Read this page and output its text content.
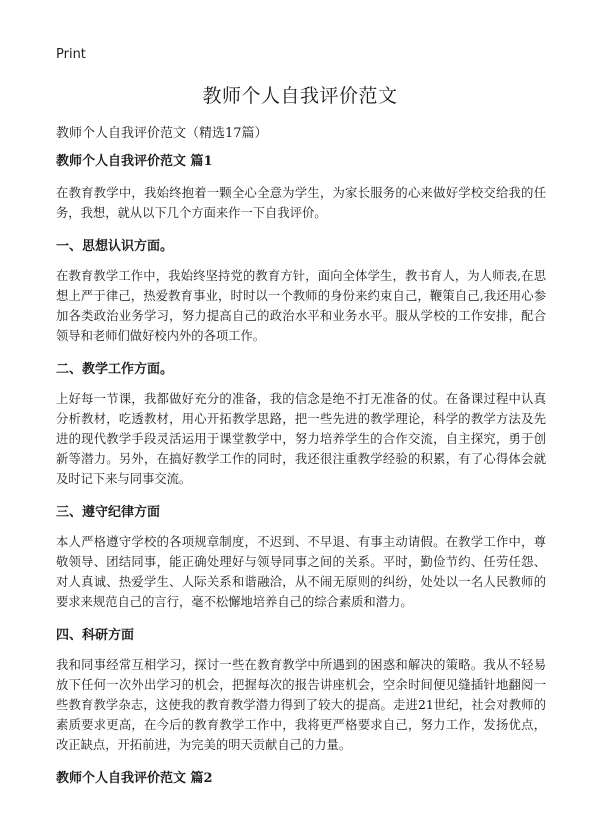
Print
教师个人自我评价范文
教师个人自我评价范文（精选17篇）
教师个人自我评价范文 篇1

在教育教学中，我始终抱着一颗全心全意为学生，为家长服务的心来做好学校交给我的任务，我想，就从以下几个方面来作一下自我评价。

一、思想认识方面。

在教育教学工作中，我始终坚持党的教育方针，面向全体学生，教书育人，为人师表,在思想上严于律己，热爱教育事业，时时以一个教师的身份来约束自己，鞭策自己,我还用心参加各类政治业务学习，努力提高自己的政治水平和业务水平。服从学校的工作安排，配合领导和老师们做好校内外的各项工作。

二、教学工作方面。

上好每一节课，我都做好充分的准备，我的信念是绝不打无准备的仗。在备课过程中认真分析教材，吃透教材，用心开拓教学思路，把一些先进的教学理论，科学的教学方法及先进的现代教学手段灵活运用于课堂教学中，努力培养学生的合作交流，自主探究，勇于创新等潜力。另外，在搞好教学工作的同时，我还很注重教学经验的积累，有了心得体会就及时记下来与同事交流。

三、遵守纪律方面

本人严格遵守学校的各项规章制度，不迟到、不早退、有事主动请假。在教学工作中，尊敬领导、团结同事，能正确处理好与领导同事之间的关系。平时，勤俭节约、任劳任怨、对人真诚、热爱学生、人际关系和谐融洽，从不闹无原则的纠纷，处处以一名人民教师的要求来规范自己的言行，毫不松懈地培养自己的综合素质和潜力。

四、科研方面

我和同事经常互相学习，探讨一些在教育教学中所遇到的困惑和解决的策略。我从不轻易放下任何一次外出学习的机会，把握每次的报告讲座机会，空余时间便见缝插针地翻阅一些教育教学杂志，这使我的教育教学潜力得到了较大的提高。走进21世纪，社会对教师的素质要求更高，在今后的教育教学工作中，我将更严格要求自己，努力工作，发扬优点，改正缺点，开拓前进，为完美的明天贡献自己的力量。

教师个人自我评价范文 篇2
